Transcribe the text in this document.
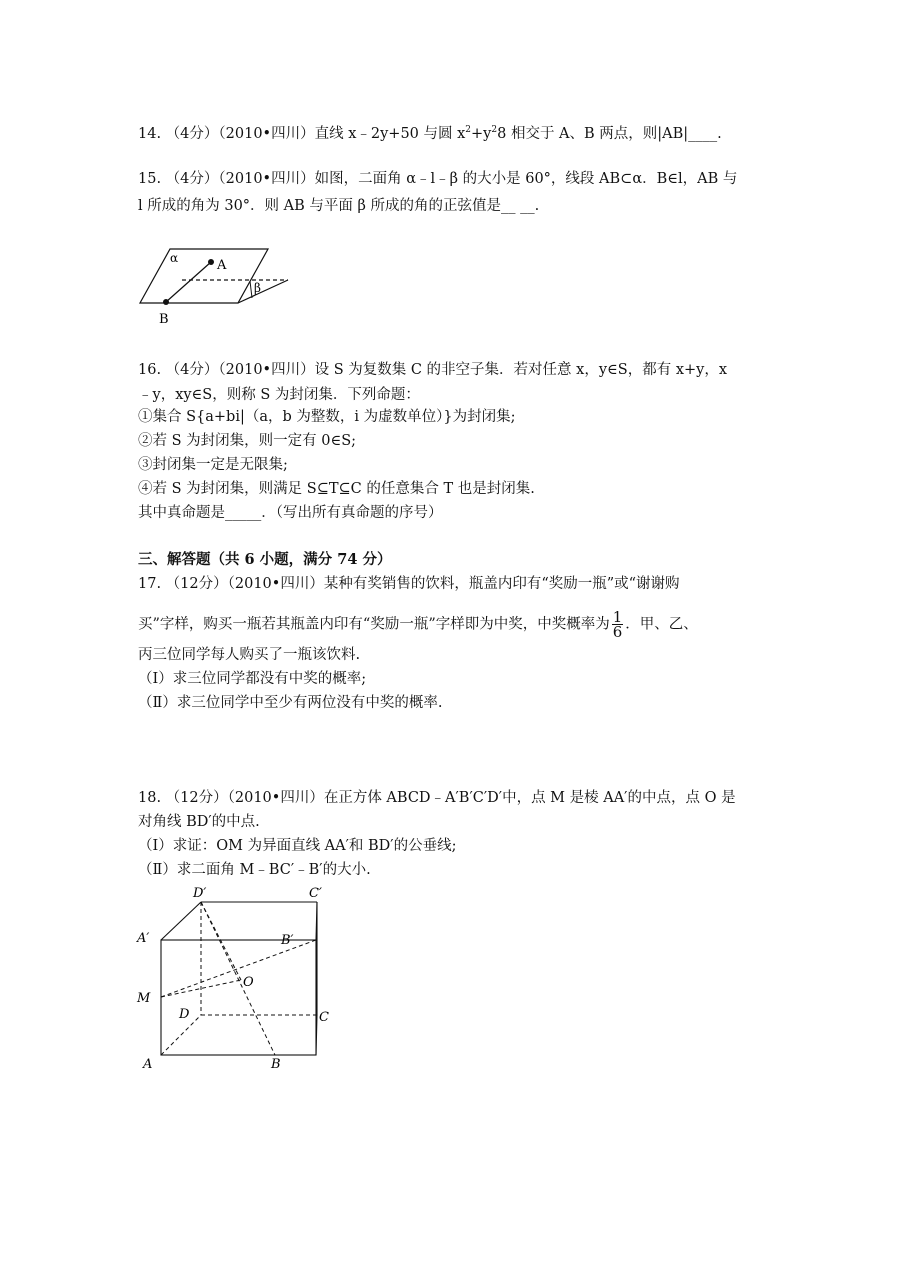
14. （4分）（2010•四川）直线 x﹣2y+50 与圆 $x^2+y^28$ 相交于 A、B 两点，则|AB|____.
15. （4分）（2010•四川）如图，二面角 α﹣l﹣β 的大小是 60°，线段 AB⊂α．B∈l，AB 与
l 所成的角为 30°．则 AB 与平面 β 所成的角的正弦值是__ __.
α	A
β
B
16. （4分）（2010•四川）设 S 为复数集 C 的非空子集．若对任意 x，y∈S，都有 x+y，x
﹣y，xy∈S，则称 S 为封闭集．下列命题：
①集合 S{a+bi|（a，b 为整数，i 为虚数单位）}为封闭集;
②若 S 为封闭集，则一定有 0∈S;
③封闭集一定是无限集;
④若 S 为封闭集，则满足 S⊆T⊆C 的任意集合 T 也是封闭集.
其中真命题是_____．（写出所有真命题的序号）
三、解答题（共 6 小题，满分 74 分）
17. （12分）（2010•四川）某种有奖销售的饮料，瓶盖内印有“奖励一瓶”或“谢谢购
买”字样，购买一瓶若其瓶盖内印有“奖励一瓶”字样即为中奖，中奖概率为 $\frac{1}{6}$ ．甲、乙、
丙三位同学每人购买了一瓶该饮料.
（Ⅰ）求三位同学都没有中奖的概率;
（Ⅱ）求三位同学中至少有两位没有中奖的概率.
18. （12分）（2010•四川）在正方体 ABCD﹣A′B′C′D′中，点 M 是棱 AA′的中点，点 O 是
对角线 BD′的中点.
（Ⅰ）求证：OM 为异面直线 AA′和 BD′的公垂线;
（Ⅱ）求二面角 M﹣BC′﹣B′的大小.
D′	C′
A′	B′
M
O
D	C
A	B
